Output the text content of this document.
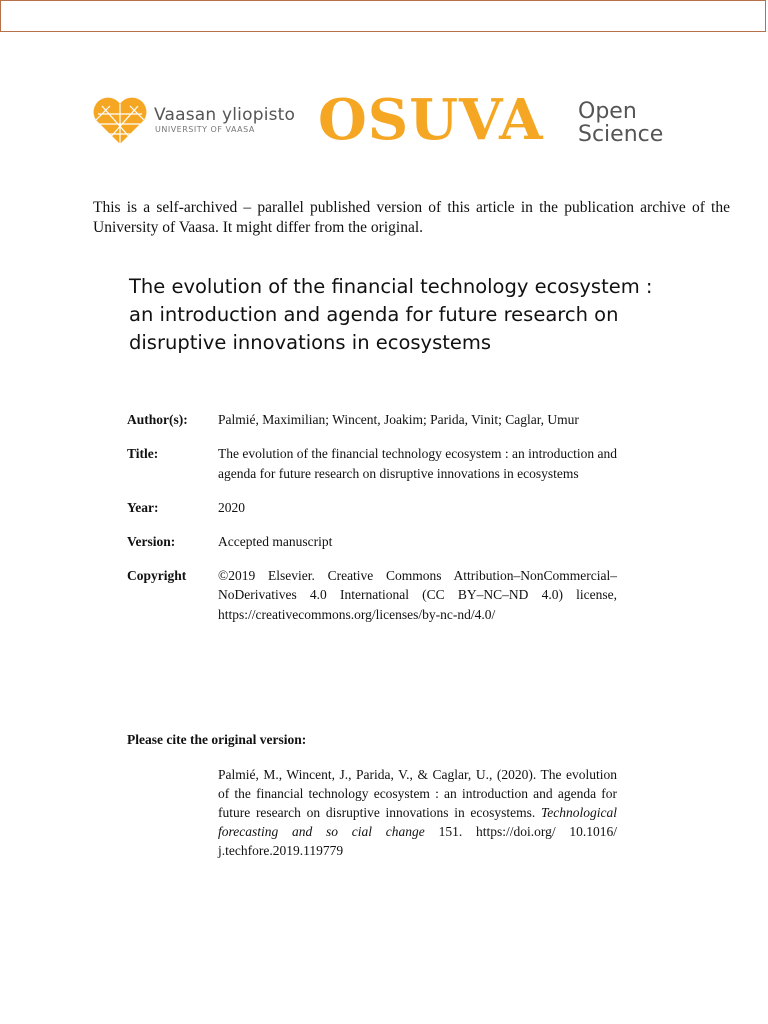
Vaasan yliopisto
UNIVERSITY OF VAASA OSUVA Open
Science
This is a self-archived – parallel published version of this article in the publication archive of the University of Vaasa. It might differ from the original.
The evolution of the financial technology ecosystem :
an introduction and agenda for future research on
disruptive innovations in ecosystems
Author(s):	Palmié, Maximilian; Wincent, Joakim; Parida, Vinit; Caglar, Umur
Title:	The evolution of the financial technology ecosystem : an introduction and agenda for future research on disruptive innovations in ecosystems
Year:	2020
Version:	Accepted manuscript
Copyright	©2019 Elsevier. Creative Commons Attribution–NonCommercial–NoDerivatives 4.0 International (CC BY–NC–ND 4.0) license, https://creativecommons.org/licenses/by-nc-nd/4.0/
Please cite the original version:
Palmié, M., Wincent, J., Parida, V., & Caglar, U., (2020). The evolution of the financial technology ecosystem : an introduction and agenda for future research on disruptive innovations in ecosystems. Technological forecasting and so cial change 151. https://doi.org/ 10.1016/ j.techfore.2019.119779
